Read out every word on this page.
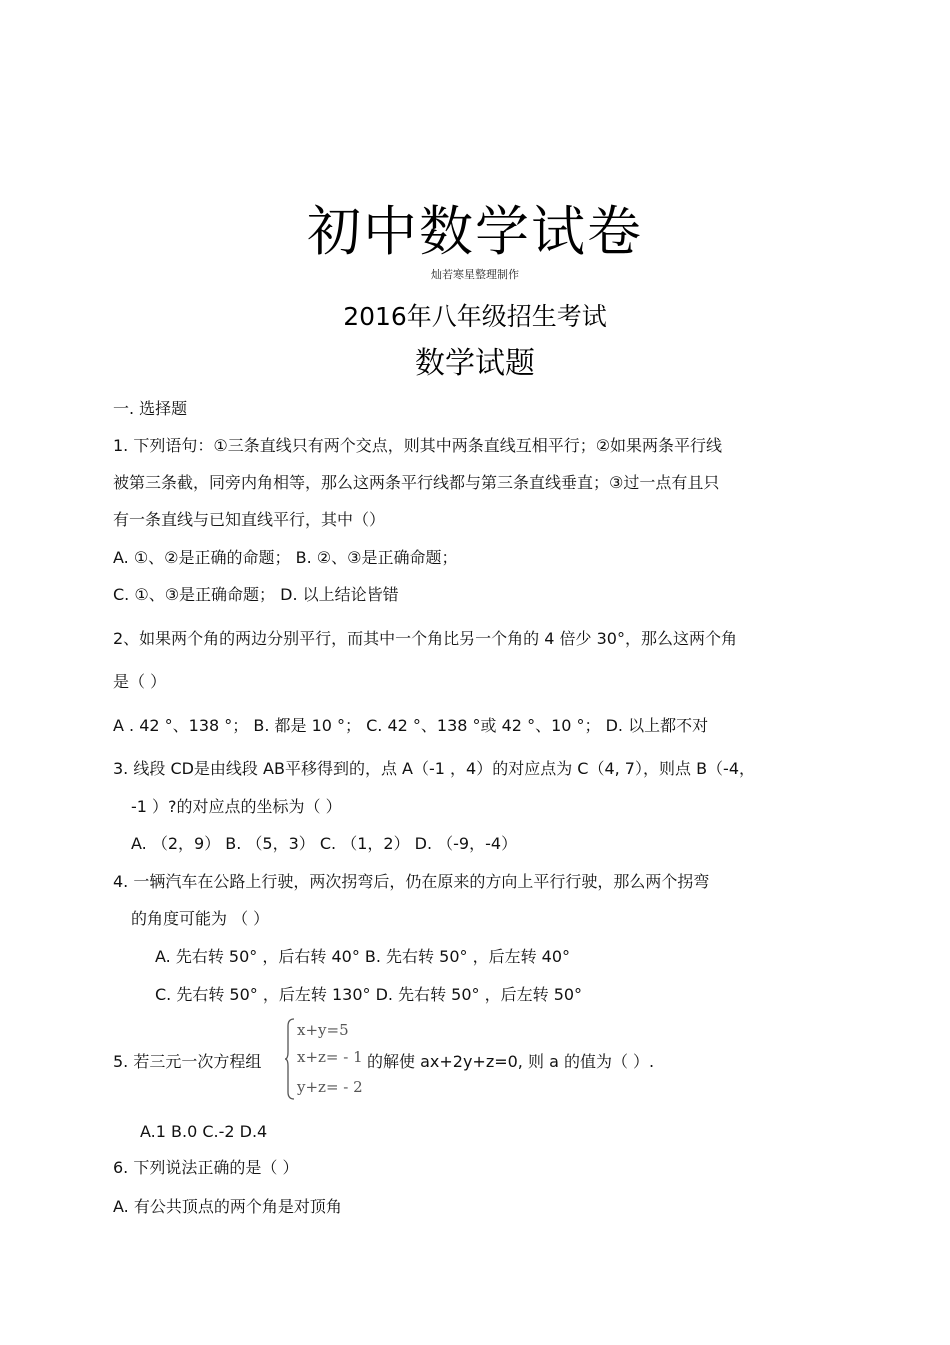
初中数学试卷
灿若寒星整理制作
2016年八年级招生考试
数学试题
一. 选择题
1. 下列语句：①三条直线只有两个交点，则其中两条直线互相平行；②如果两条平行线
被第三条截，同旁内角相等，那么这两条平行线都与第三条直线垂直；③过一点有且只
有一条直线与已知直线平行，其中（）
A. ①、②是正确的命题； B. ②、③是正确命题；
C. ①、③是正确命题； D. 以上结论皆错
2、如果两个角的两边分别平行，而其中一个角比另一个角的 4 倍少 30°，那么这两个角
是（ ）
A . 42 °、138 °； B. 都是 10 °； C. 42 °、138 °或 42 °、10 °； D. 以上都不对
3. 线段 CD是由线段 AB平移得到的，点 A（-1 ，4）的对应点为 C（4, 7），则点 B（-4，
-1 ）?的对应点的坐标为（ ）
A. （2，9） B. （5，3） C. （1，2） D. （-9，-4）
4. 一辆汽车在公路上行驶，两次拐弯后，仍在原来的方向上平行行驶，那么两个拐弯
的角度可能为 （ ）
A. 先右转 50° ，后右转 40° B. 先右转 50° ，后左转 40°
C. 先右转 50° ，后左转 130° D. 先右转 50° ，后左转 50°
5. 若三元一次方程组
x+y=5
x+z= - 1
y+z= - 2
的解使 ax+2y+z=0, 则 a 的值为（ ）.
A.1 B.0 C.-2 D.4
6. 下列说法正确的是（ ）
A. 有公共顶点的两个角是对顶角
